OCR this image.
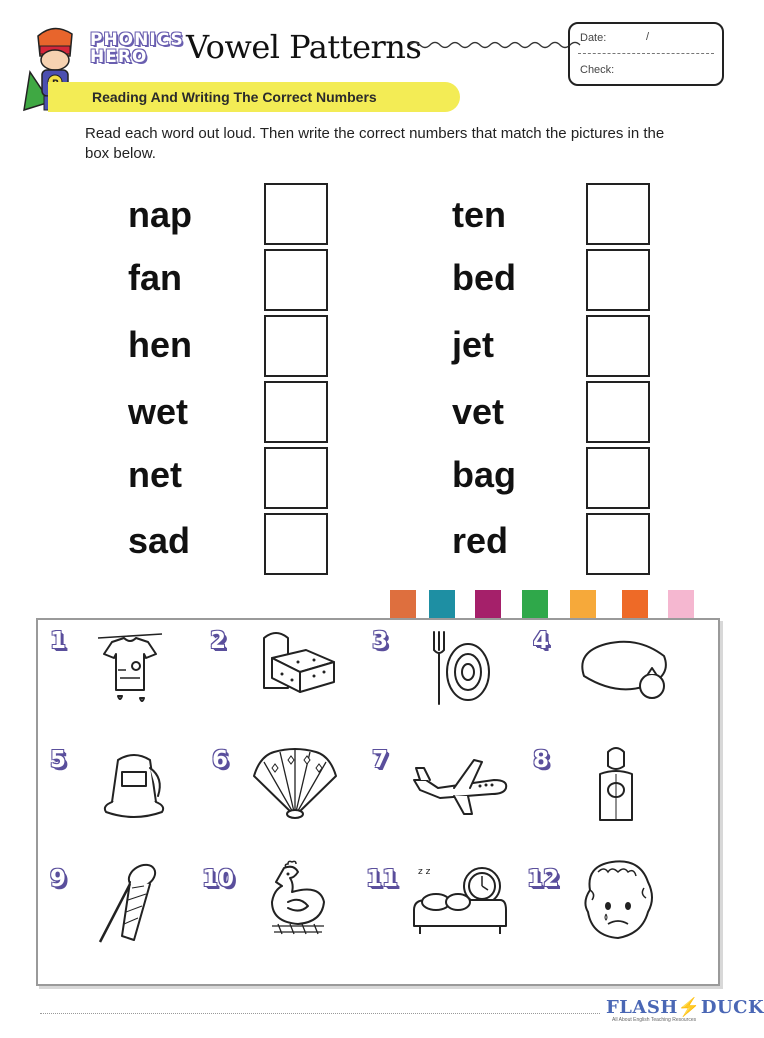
PHONICS
HERO	Vowel Patterns	Date:	/
Check:
Reading And Writing The Correct Numbers
Read each word out loud. Then write the correct numbers that match the pictures in the box below.
nap
fan
hen
wet
net
sad
ten
bed
jet
vet
bag
red
1	2	3	4
5	6	7	8
9	10	11	12
z z
FLASH⚡DUCK
All About English Teaching Resources
